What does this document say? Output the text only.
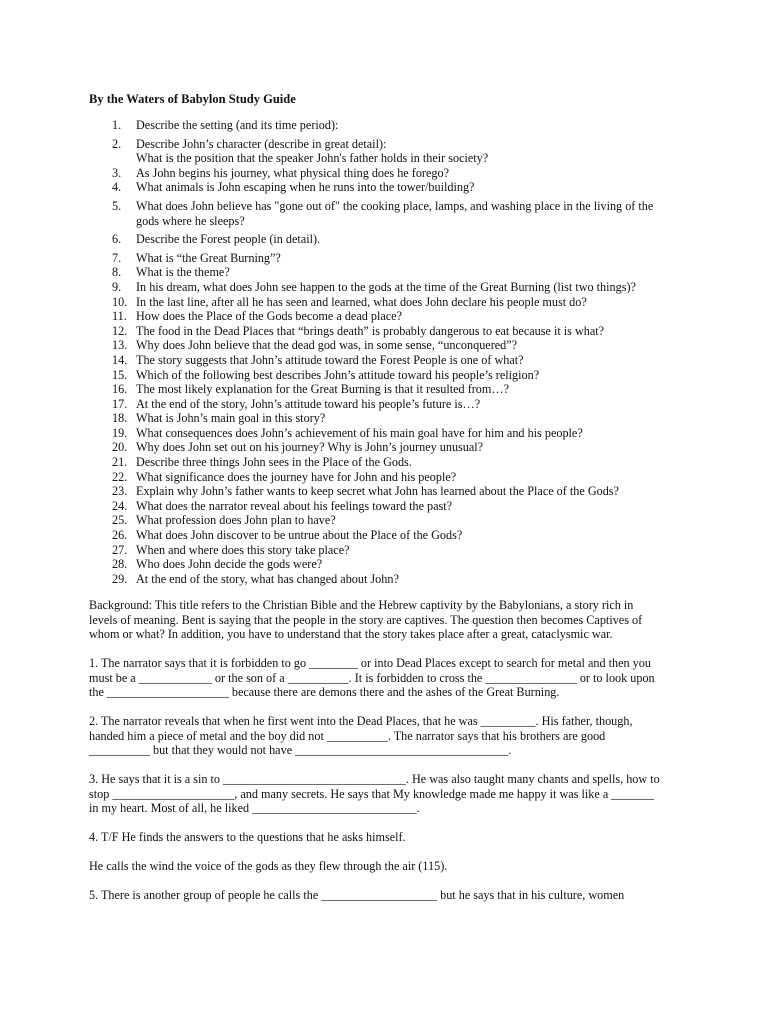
By the Waters of Babylon Study Guide
1. Describe the setting (and its time period):
2. Describe John’s character (describe in great detail):
What is the position that the speaker John's father holds in their society?
3. As John begins his journey, what physical thing does he forego?
4. What animals is John escaping when he runs into the tower/building?
5. What does John believe has "gone out of" the cooking place, lamps, and washing place in the living of the
gods where he sleeps?
6. Describe the Forest people (in detail).
7. What is “the Great Burning”?
8. What is the theme?
9. In his dream, what does John see happen to the gods at the time of the Great Burning (list two things)?
10. In the last line, after all he has seen and learned, what does John declare his people must do?
11. How does the Place of the Gods become a dead place?
12. The food in the Dead Places that “brings death” is probably dangerous to eat because it is what?
13. Why does John believe that the dead god was, in some sense, “unconquered”?
14. The story suggests that John’s attitude toward the Forest People is one of what?
15. Which of the following best describes John’s attitude toward his people’s religion?
16. The most likely explanation for the Great Burning is that it resulted from…?
17. At the end of the story, John’s attitude toward his people’s future is…?
18. What is John’s main goal in this story?
19. What consequences does John’s achievement of his main goal have for him and his people?
20. Why does John set out on his journey? Why is John’s journey unusual?
21. Describe three things John sees in the Place of the Gods.
22. What significance does the journey have for John and his people?
23. Explain why John’s father wants to keep secret what John has learned about the Place of the Gods?
24. What does the narrator reveal about his feelings toward the past?
25. What profession does John plan to have?
26. What does John discover to be untrue about the Place of the Gods?
27. When and where does this story take place?
28. Who does John decide the gods were?
29. At the end of the story, what has changed about John?
Background: This title refers to the Christian Bible and the Hebrew captivity by the Babylonians, a story rich in
levels of meaning. Bent is saying that the people in the story are captives. The question then becomes Captives of
whom or what? In addition, you have to understand that the story takes place after a great, cataclysmic war.
1. The narrator says that it is forbidden to go ________ or into Dead Places except to search for metal and then you
must be a ____________ or the son of a __________. It is forbidden to cross the _______________ or to look upon
the ____________________ because there are demons there and the ashes of the Great Burning.
2. The narrator reveals that when he first went into the Dead Places, that he was _________. His father, though,
handed him a piece of metal and the boy did not __________. The narrator says that his brothers are good
__________ but that they would not have ___________________________________.
3. He says that it is a sin to ______________________________. He was also taught many chants and spells, how to
stop ____________________, and many secrets. He says that My knowledge made me happy it was like a _______
in my heart. Most of all, he liked ___________________________.
4. T/F He finds the answers to the questions that he asks himself.
He calls the wind the voice of the gods as they flew through the air (115).
5. There is another group of people he calls the ___________________ but he says that in his culture, women
